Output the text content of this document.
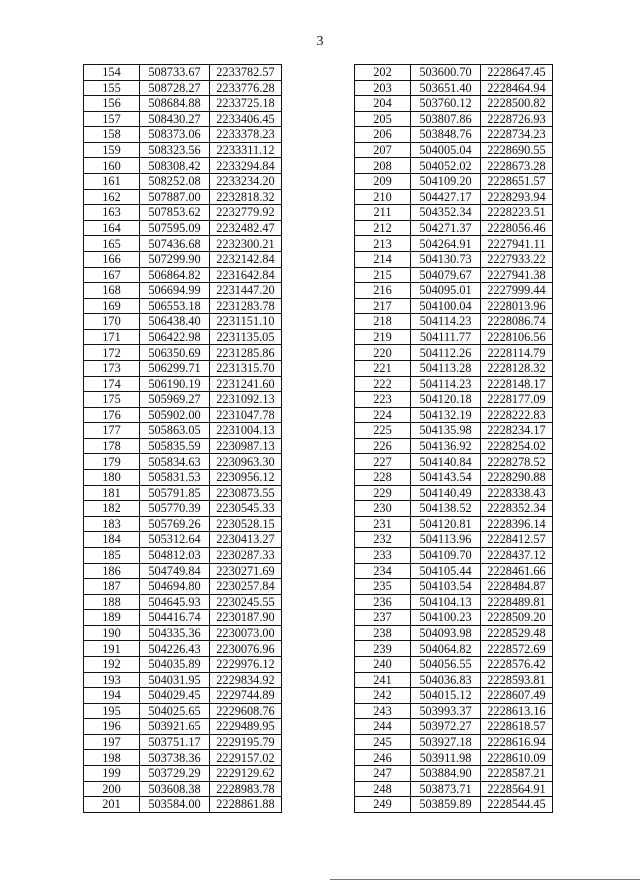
3
154	508733.67	2233782.57
155	508728.27	2233776.28
156	508684.88	2233725.18
157	508430.27	2233406.45
158	508373.06	2233378.23
159	508323.56	2233311.12
160	508308.42	2233294.84
161	508252.08	2233234.20
162	507887.00	2232818.32
163	507853.62	2232779.92
164	507595.09	2232482.47
165	507436.68	2232300.21
166	507299.90	2232142.84
167	506864.82	2231642.84
168	506694.99	2231447.20
169	506553.18	2231283.78
170	506438.40	2231151.10
171	506422.98	2231135.05
172	506350.69	2231285.86
173	506299.71	2231315.70
174	506190.19	2231241.60
175	505969.27	2231092.13
176	505902.00	2231047.78
177	505863.05	2231004.13
178	505835.59	2230987.13
179	505834.63	2230963.30
180	505831.53	2230956.12
181	505791.85	2230873.55
182	505770.39	2230545.33
183	505769.26	2230528.15
184	505312.64	2230413.27
185	504812.03	2230287.33
186	504749.84	2230271.69
187	504694.80	2230257.84
188	504645.93	2230245.55
189	504416.74	2230187.90
190	504335.36	2230073.00
191	504226.43	2230076.96
192	504035.89	2229976.12
193	504031.95	2229834.92
194	504029.45	2229744.89
195	504025.65	2229608.76
196	503921.65	2229489.95
197	503751.17	2229195.79
198	503738.36	2229157.02
199	503729.29	2229129.62
200	503608.38	2228983.78
201	503584.00	2228861.88
202	503600.70	2228647.45
203	503651.40	2228464.94
204	503760.12	2228500.82
205	503807.86	2228726.93
206	503848.76	2228734.23
207	504005.04	2228690.55
208	504052.02	2228673.28
209	504109.20	2228651.57
210	504427.17	2228293.94
211	504352.34	2228223.51
212	504271.37	2228056.46
213	504264.91	2227941.11
214	504130.73	2227933.22
215	504079.67	2227941.38
216	504095.01	2227999.44
217	504100.04	2228013.96
218	504114.23	2228086.74
219	504111.77	2228106.56
220	504112.26	2228114.79
221	504113.28	2228128.32
222	504114.23	2228148.17
223	504120.18	2228177.09
224	504132.19	2228222.83
225	504135.98	2228234.17
226	504136.92	2228254.02
227	504140.84	2228278.52
228	504143.54	2228290.88
229	504140.49	2228338.43
230	504138.52	2228352.34
231	504120.81	2228396.14
232	504113.96	2228412.57
233	504109.70	2228437.12
234	504105.44	2228461.66
235	504103.54	2228484.87
236	504104.13	2228489.81
237	504100.23	2228509.20
238	504093.98	2228529.48
239	504064.82	2228572.69
240	504056.55	2228576.42
241	504036.83	2228593.81
242	504015.12	2228607.49
243	503993.37	2228613.16
244	503972.27	2228618.57
245	503927.18	2228616.94
246	503911.98	2228610.09
247	503884.90	2228587.21
248	503873.71	2228564.91
249	503859.89	2228544.45
